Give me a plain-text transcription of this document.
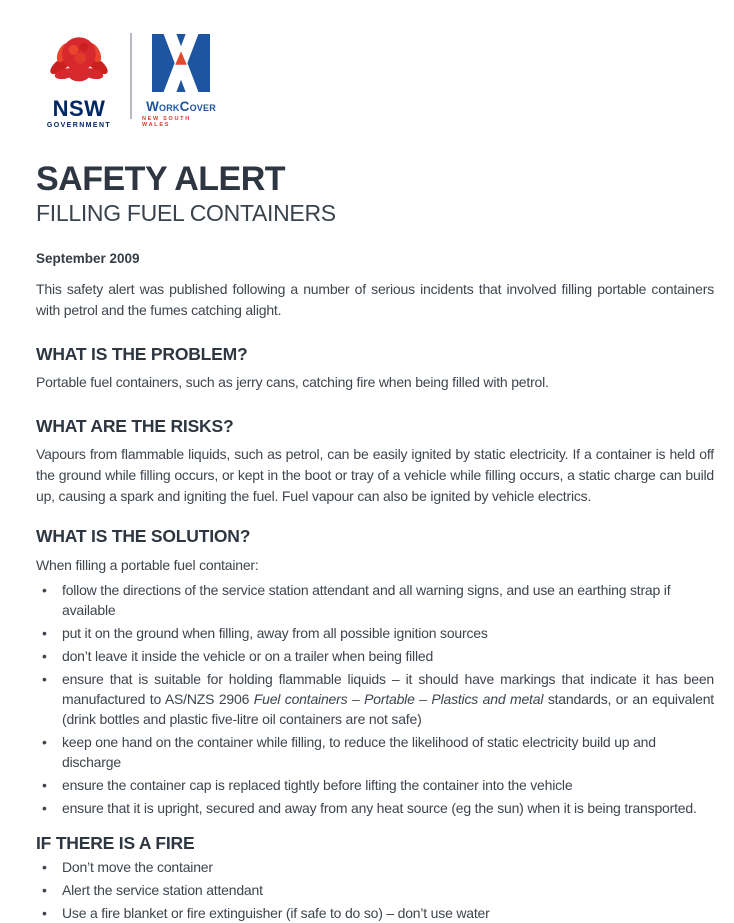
NSW
GOVERNMENT
WorkCover
NEW SOUTH WALES
SAFETY ALERT
FILLING FUEL CONTAINERS
September 2009

This safety alert was published following a number of serious incidents that involved filling portable containers with petrol and the fumes catching alight.

WHAT IS THE PROBLEM?

Portable fuel containers, such as jerry cans, catching fire when being filled with petrol.

WHAT ARE THE RISKS?

Vapours from flammable liquids, such as petrol, can be easily ignited by static electricity. If a container is held off the ground while filling occurs, or kept in the boot or tray of a vehicle while filling occurs, a static charge can build up, causing a spark and igniting the fuel. Fuel vapour can also be ignited by vehicle electrics.

WHAT IS THE SOLUTION?

When filling a portable fuel container:

• follow the directions of the service station attendant and all warning signs, and use an earthing strap if available
• put it on the ground when filling, away from all possible ignition sources
• don’t leave it inside the vehicle or on a trailer when being filled
• ensure that is suitable for holding flammable liquids – it should have markings that indicate it has been manufactured to AS/NZS 2906 Fuel containers – Portable – Plastics and metal standards, or an equivalent (drink bottles and plastic five-litre oil containers are not safe)
• keep one hand on the container while filling, to reduce the likelihood of static electricity build up and discharge
• ensure the container cap is replaced tightly before lifting the container into the vehicle
• ensure that it is upright, secured and away from any heat source (eg the sun) when it is being transported.
IF THERE IS A FIRE
• Don’t move the container
• Alert the service station attendant
• Use a fire blanket or fire extinguisher (if safe to do so) – don’t use water
